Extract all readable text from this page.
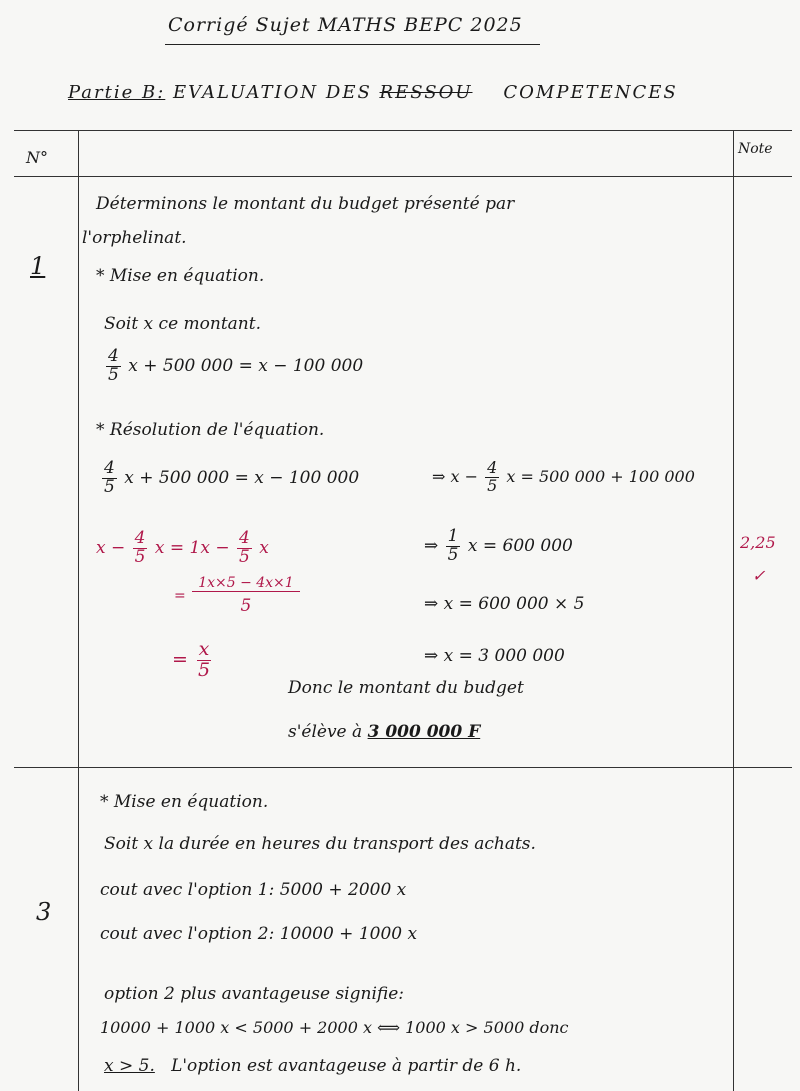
Corrigé Sujet MATHS BEPC 2025
Partie B: EVALUATION DES RESSOU COMPETENCES
N°	Note
1
Déterminons le montant du budget présenté par
l'orphelinat.
* Mise en équation.
Soit x ce montant.
$\frac{4}{5}$ x + 500 000 = x − 100 000
* Résolution de l'équation.
$\frac{4}{5}$ x + 500 000 = x − 100 000	⇒ $x - \frac{4}{5}$ x = 500 000 + 100 000
$x - \frac{4}{5}$ $x = 1x - \frac{4}{5}$ x
= $\frac{1x\times 5 - 4x\times 1}{5}$
= $\frac{x}{5}$
⇒ $\frac{1}{5}$ x = 600 000
⇒ x = 600 000 × 5
⇒ x = 3 000 000
Donc le montant du budget
s'élève à 3 000 000 F
2,25
✓
3
* Mise en équation.
Soit x la durée en heures du transport des achats.
cout avec l'option 1: 5000 + 2000 x
cout avec l'option 2: 10000 + 1000 x
option 2 plus avantageuse signifie:
10000 + 1000 x < 5000 + 2000 x ⟺ 1000 x > 5000 donc
x > 5. L'option est avantageuse à partir de 6 h.
